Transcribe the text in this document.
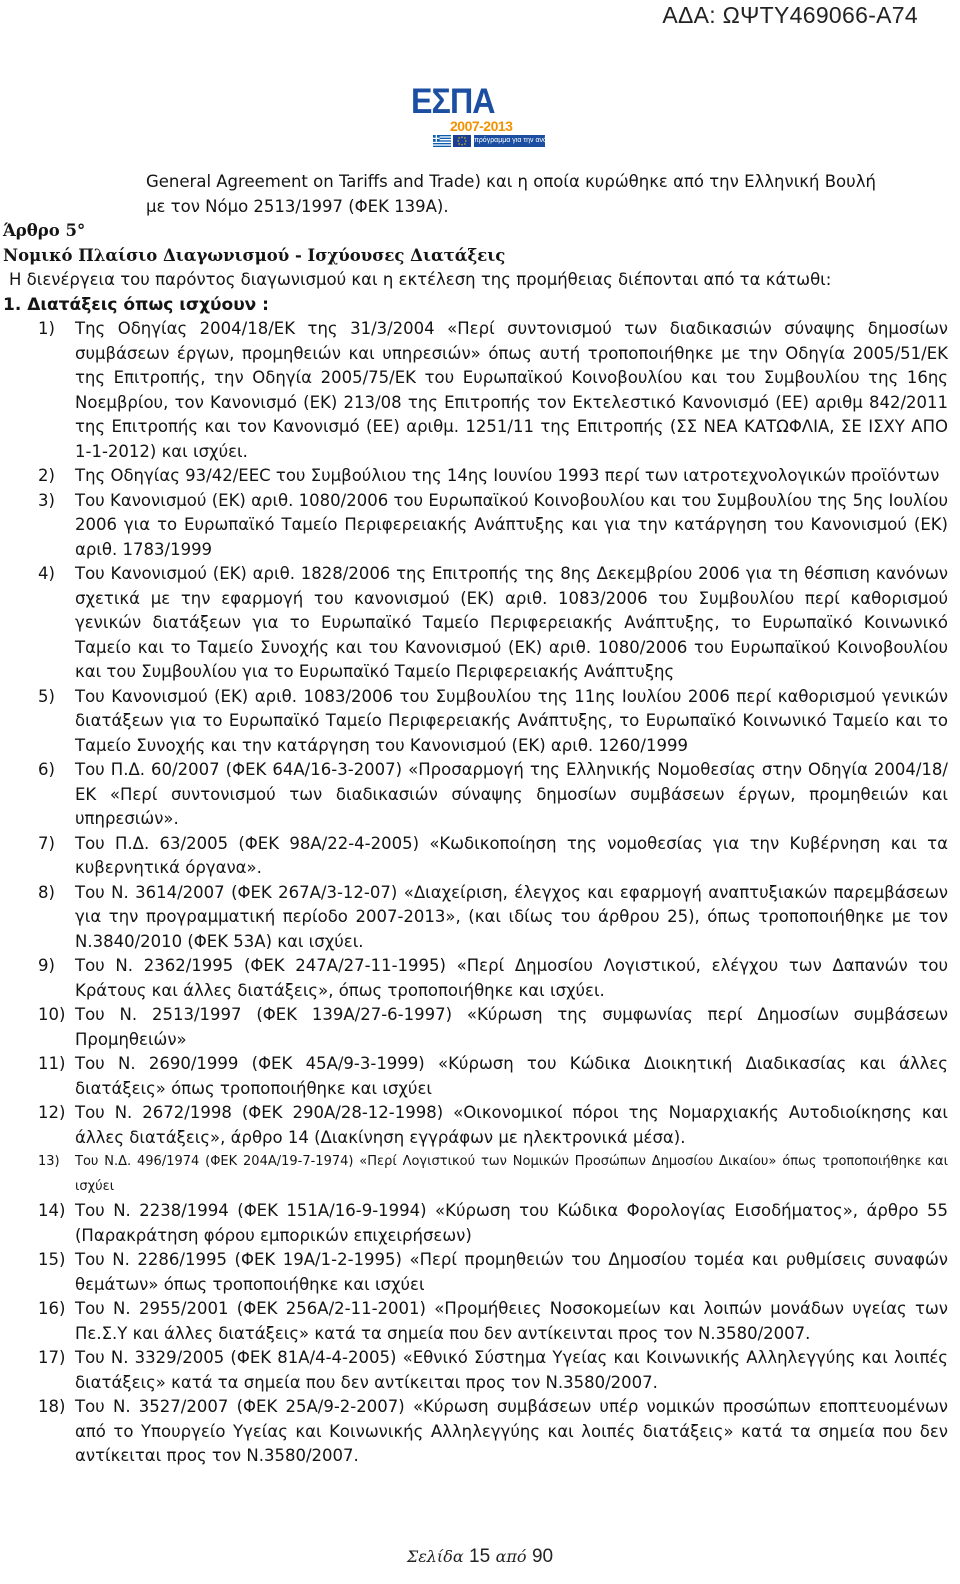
ΑΔΑ: ΩΨΤΥ469066-Α74
ΕΣΠΑ
2007-2013
πρόγραμμα για την ανάπτυξη
General Agreement on Tariffs and Trade) και η οποία κυρώθηκε από την Ελληνική Βουλή
με τον Νόμο 2513/1997 (ΦΕΚ 139Α).
Άρθρο 5°
Νομικό Πλαίσιο Διαγωνισμού - Ισχύουσες Διατάξεις
Η διενέργεια του παρόντος διαγωνισμού και η εκτέλεση της προμήθειας διέπονται από τα κάτωθι:
1. Διατάξεις όπως ισχύουν :
1) Της Οδηγίας 2004/18/ΕΚ της 31/3/2004 «Περί συντονισμού των διαδικασιών σύναψης δημοσίων συμβάσεων έργων, προμηθειών και υπηρεσιών» όπως αυτή τροποποιήθηκε με την Οδηγία 2005/51/ΕΚ της Επιτροπής, την Οδηγία 2005/75/ΕΚ του Ευρωπαϊκού Κοινοβουλίου και του Συμβουλίου της 16ης Νοεμβρίου, τον Κανονισμό (ΕΚ) 213/08 της Επιτροπής τον Εκτελεστικό Κανονισμό (ΕΕ) αριθμ 842/2011 της Επιτροπής και τον Κανονισμό (ΕΕ) αριθμ. 1251/11 της Επιτροπής (ΣΣ ΝΕΑ ΚΑΤΩΦΛΙΑ, ΣΕ ΙΣΧΥ ΑΠΟ 1-1-2012) και ισχύει.
2) Της Οδηγίας 93/42/ΕΕC του Συμβούλιου της 14ης Ιουνίου 1993 περί των ιατροτεχνολογικών προϊόντων
3) Του Κανονισμού (ΕΚ) αριθ. 1080/2006 του Ευρωπαϊκού Κοινοβουλίου και του Συμβουλίου της 5ης Ιουλίου 2006 για το Ευρωπαϊκό Ταμείο Περιφερειακής Ανάπτυξης και για την κατάργηση του Κανονισμού (ΕΚ) αριθ. 1783/1999
4) Του Κανονισμού (ΕΚ) αριθ. 1828/2006 της Επιτροπής της 8ης Δεκεμβρίου 2006 για τη θέσπιση κανόνων σχετικά με την εφαρμογή του κανονισμού (ΕΚ) αριθ. 1083/2006 του Συμβουλίου περί καθορισμού γενικών διατάξεων για το Ευρωπαϊκό Ταμείο Περιφερειακής Ανάπτυξης, το Ευρωπαϊκό Κοινωνικό Ταμείο και το Ταμείο Συνοχής και του Κανονισμού (ΕΚ) αριθ. 1080/2006 του Ευρωπαϊκού Κοινοβουλίου και του Συμβουλίου για το Ευρωπαϊκό Ταμείο Περιφερειακής Ανάπτυξης
5) Του Κανονισμού (ΕΚ) αριθ. 1083/2006 του Συμβουλίου της 11ης Ιουλίου 2006 περί καθορισμού γενικών διατάξεων για το Ευρωπαϊκό Ταμείο Περιφερειακής Ανάπτυξης, το Ευρωπαϊκό Κοινωνικό Ταμείο και το Ταμείο Συνοχής και την κατάργηση του Κανονισμού (ΕΚ) αριθ. 1260/1999
6) Του Π.Δ. 60/2007 (ΦΕΚ 64Α/16-3-2007) «Προσαρμογή της Ελληνικής Νομοθεσίας στην Οδηγία 2004/18/ΕΚ «Περί συντονισμού των διαδικασιών σύναψης δημοσίων συμβάσεων έργων, προμηθειών και υπηρεσιών».
7) Του Π.Δ. 63/2005 (ΦΕΚ 98Α/22-4-2005) «Κωδικοποίηση της νομοθεσίας για την Κυβέρνηση και τα κυβερνητικά όργανα».
8) Του Ν. 3614/2007 (ΦΕΚ 267Α/3-12-07) «Διαχείριση, έλεγχος και εφαρμογή αναπτυξιακών παρεμβάσεων για την προγραμματική περίοδο 2007-2013», (και ιδίως του άρθρου 25), όπως τροποποιήθηκε με τον Ν.3840/2010 (ΦΕΚ 53Α) και ισχύει.
9) Του Ν. 2362/1995 (ΦΕΚ 247Α/27-11-1995) «Περί Δημοσίου Λογιστικού, ελέγχου των Δαπανών του Κράτους και άλλες διατάξεις», όπως τροποποιήθηκε και ισχύει.
10) Του Ν. 2513/1997 (ΦΕΚ 139Α/27-6-1997) «Κύρωση της συμφωνίας περί Δημοσίων συμβάσεων Προμηθειών»
11) Του Ν. 2690/1999 (ΦΕΚ 45Α/9-3-1999) «Κύρωση του Κώδικα Διοικητική Διαδικασίας και άλλες διατάξεις» όπως τροποποιήθηκε και ισχύει
12) Του Ν. 2672/1998 (ΦΕΚ 290Α/28-12-1998) «Οικονομικοί πόροι της Νομαρχιακής Αυτοδιοίκησης και άλλες διατάξεις», άρθρο 14 (Διακίνηση εγγράφων με ηλεκτρονικά μέσα).
13) Του Ν.Δ. 496/1974 (ΦΕΚ 204Α/19-7-1974) «Περί Λογιστικού των Νομικών Προσώπων Δημοσίου Δικαίου» όπως τροποποιήθηκε και ισχύει
14) Του Ν. 2238/1994 (ΦΕΚ 151Α/16-9-1994) «Κύρωση του Κώδικα Φορολογίας Εισοδήματος», άρθρο 55 (Παρακράτηση φόρου εμπορικών επιχειρήσεων)
15) Του Ν. 2286/1995 (ΦΕΚ 19Α/1-2-1995) «Περί προμηθειών του Δημοσίου τομέα και ρυθμίσεις συναφών θεμάτων» όπως τροποποιήθηκε και ισχύει
16) Του Ν. 2955/2001 (ΦΕΚ 256Α/2-11-2001) «Προμήθειες Νοσοκομείων και λοιπών μονάδων υγείας των Πε.Σ.Υ και άλλες διατάξεις» κατά τα σημεία που δεν αντίκεινται προς τον Ν.3580/2007.
17) Του Ν. 3329/2005 (ΦΕΚ 81Α/4-4-2005) «Εθνικό Σύστημα Υγείας και Κοινωνικής Αλληλεγγύης και λοιπές διατάξεις» κατά τα σημεία που δεν αντίκειται προς τον Ν.3580/2007.
18) Του Ν. 3527/2007 (ΦΕΚ 25Α/9-2-2007) «Κύρωση συμβάσεων υπέρ νομικών προσώπων εποπτευομένων από το Υπουργείο Υγείας και Κοινωνικής Αλληλεγγύης και λοιπές διατάξεις» κατά τα σημεία που δεν αντίκειται προς τον Ν.3580/2007.
Σελίδα 15 από 90
